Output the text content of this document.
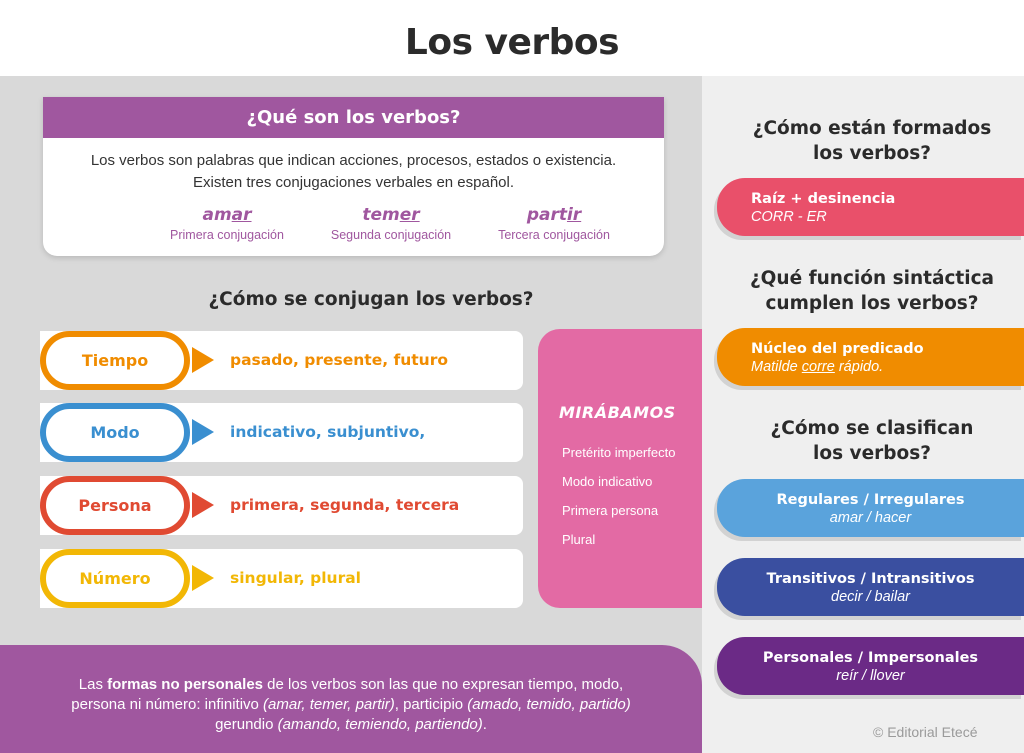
Los verbos
¿Qué son los verbos?
Los verbos son palabras que indican acciones, procesos, estados o existencia.
Existen tres conjugaciones verbales en español.
amar
Primera conjugación
temer
Segunda conjugación
partir
Tercera conjugación
¿Cómo se conjugan los verbos?
Tiempo	pasado, presente, futuro
Modo	indicativo, subjuntivo,
Persona	primera, segunda, tercera
Número	singular, plural
MIRÁBAMOS
Pretérito imperfecto
Modo indicativo
Primera persona
Plural
Las formas no personales de los verbos son las que no expresan tiempo, modo,
persona ni número: infinitivo (amar, temer, partir), participio (amado, temido, partido)
gerundio (amando, temiendo, partiendo).
¿Cómo están formados
los verbos?
Raíz + desinencia
CORR - ER
¿Qué función sintáctica
cumplen los verbos?
Núcleo del predicado
Matilde corre rápido.
¿Cómo se clasifican
los verbos?
Regulares / Irregulares
amar / hacer
Transitivos / Intransitivos
decir / bailar
Personales / Impersonales
reír / llover
© Editorial Etecé
